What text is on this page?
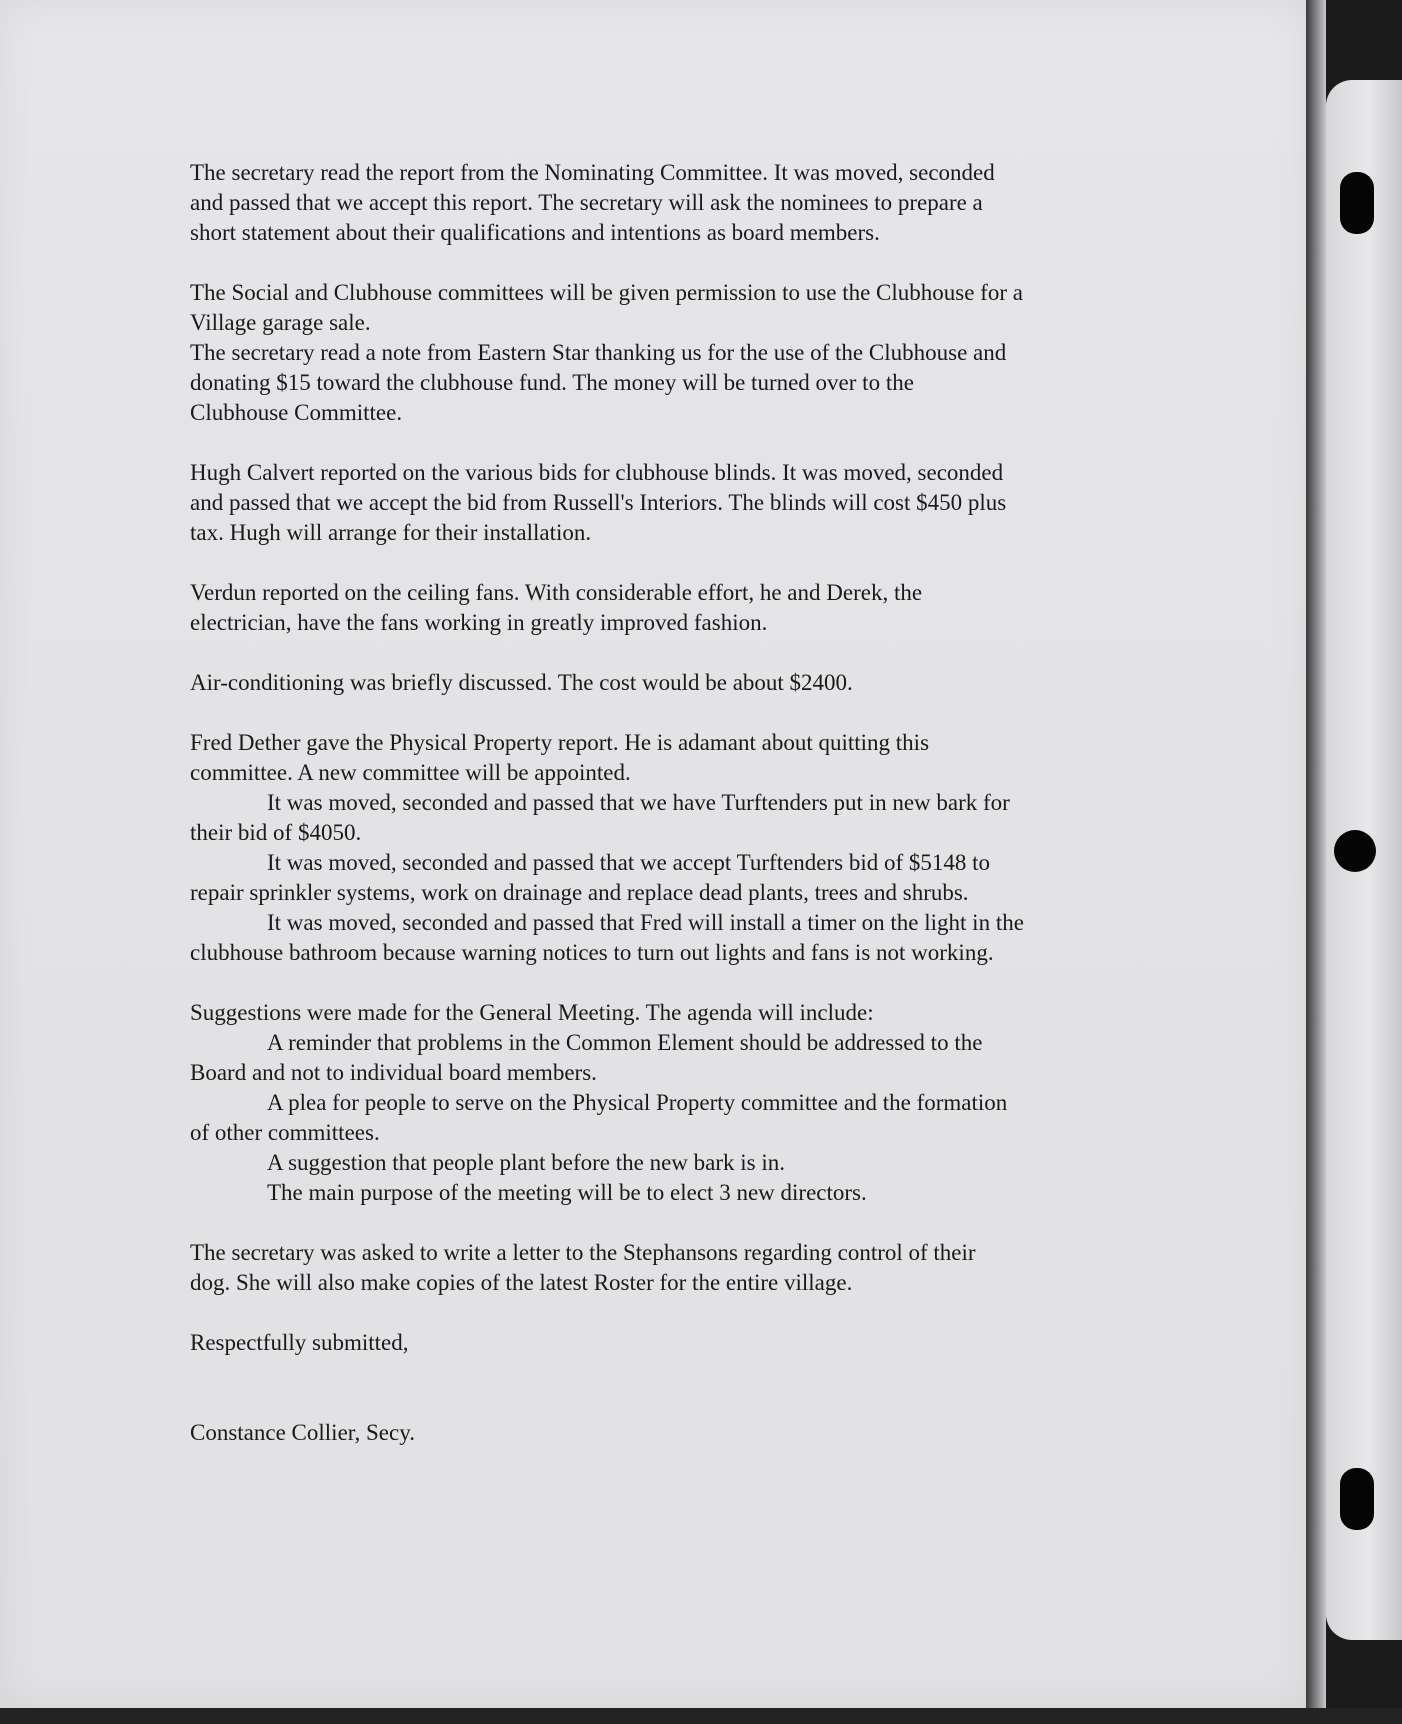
The secretary read the report from the Nominating Committee. It was moved, seconded
and passed that we accept this report. The secretary will ask the nominees to prepare a
short statement about their qualifications and intentions as board members.

The Social and Clubhouse committees will be given permission to use the Clubhouse for a
Village garage sale.

The secretary read a note from Eastern Star thanking us for the use of the Clubhouse and
donating $15 toward the clubhouse fund. The money will be turned over to the
Clubhouse Committee.

Hugh Calvert reported on the various bids for clubhouse blinds. It was moved, seconded
and passed that we accept the bid from Russell's Interiors. The blinds will cost $450 plus
tax. Hugh will arrange for their installation.

Verdun reported on the ceiling fans. With considerable effort, he and Derek, the
electrician, have the fans working in greatly improved fashion.

Air-conditioning was briefly discussed. The cost would be about $2400.

Fred Dether gave the Physical Property report. He is adamant about quitting this
committee. A new committee will be appointed.

It was moved, seconded and passed that we have Turftenders put in new bark for
their bid of $4050.

It was moved, seconded and passed that we accept Turftenders bid of $5148 to
repair sprinkler systems, work on drainage and replace dead plants, trees and shrubs.

It was moved, seconded and passed that Fred will install a timer on the light in the
clubhouse bathroom because warning notices to turn out lights and fans is not working.

Suggestions were made for the General Meeting. The agenda will include:

A reminder that problems in the Common Element should be addressed to the
Board and not to individual board members.

A plea for people to serve on the Physical Property committee and the formation
of other committees.

A suggestion that people plant before the new bark is in.

The main purpose of the meeting will be to elect 3 new directors.

The secretary was asked to write a letter to the Stephansons regarding control of their
dog. She will also make copies of the latest Roster for the entire village.

Respectfully submitted,

Constance Collier, Secy.
